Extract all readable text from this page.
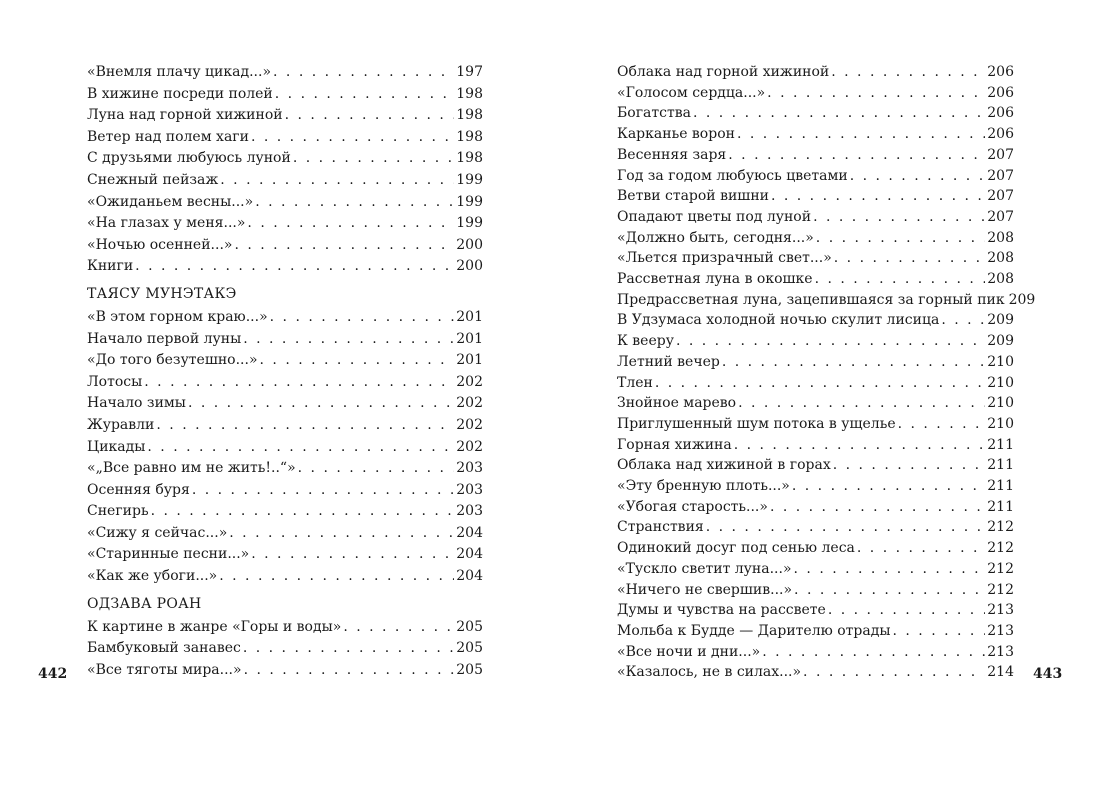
«Внемля плачу цикад...» . . .	197
В хижине посреди полей . . .	198
Луна над горной хижиной . . .	198
Ветер над полем хаги . . .	198
С друзьями любуюсь луной . . .	198
Снежный пейзаж . . .	199
«Ожиданьем весны...» . . .	199
«На глазах у меня...» . . .	199
«Ночью осенней...» . . .	200
Книги . . .	200
ТАЯСУ МУНЭТАКЭ
«В этом горном краю...» . . .	201
Начало первой луны . . .	201
«До того безутешно...» . . .	201
Лотосы . . .	202
Начало зимы . . .	202
Журавли . . .	202
Цикады . . .	202
«„Все равно им не жить!..“» . . .	203
Осенняя буря . . .	203
Снегирь . . .	203
«Сижу я сейчас...» . . .	204
«Старинные песни...» . . .	204
«Как же убоги...» . . .	204
ОДЗАВА РОАН
К картине в жанре «Горы и воды» . . .	205
Бамбуковый занавес . . .	205
«Все тяготы мира...» . . .	205
Облака над горной хижиной . . .	206
«Голосом сердца...» . . .	206
Богатства . . .	206
Карканье ворон . . .	206
Весенняя заря . . .	207
Год за годом любуюсь цветами . . .	207
Ветви старой вишни . . .	207
Опадают цветы под луной . . .	207
«Должно быть, сегодня...» . . .	208
«Льется призрачный свет...» . . .	208
Рассветная луна в окошке . . .	208
Предрассветная луна, зацепившаяся за горный пик 209
В Удзумаса холодной ночью скулит лисица . . .	209
К вееру . . .	209
Летний вечер . . .	210
Тлен . . .	210
Знойное марево . . .	210
Приглушенный шум потока в ущелье . . .	210
Горная хижина . . .	211
Облака над хижиной в горах . . .	211
«Эту бренную плоть...» . . .	211
«Убогая старость...» . . .	211
Странствия . . .	212
Одинокий досуг под сенью леса . . .	212
«Тускло светит луна...» . . .	212
«Ничего не свершив...» . . .	212
Думы и чувства на рассвете . . .	213
Мольба к Будде — Дарителю отрады . . .	213
«Все ночи и дни...» . . .	213
«Казалось, не в силах...» . . .	214
442	443
